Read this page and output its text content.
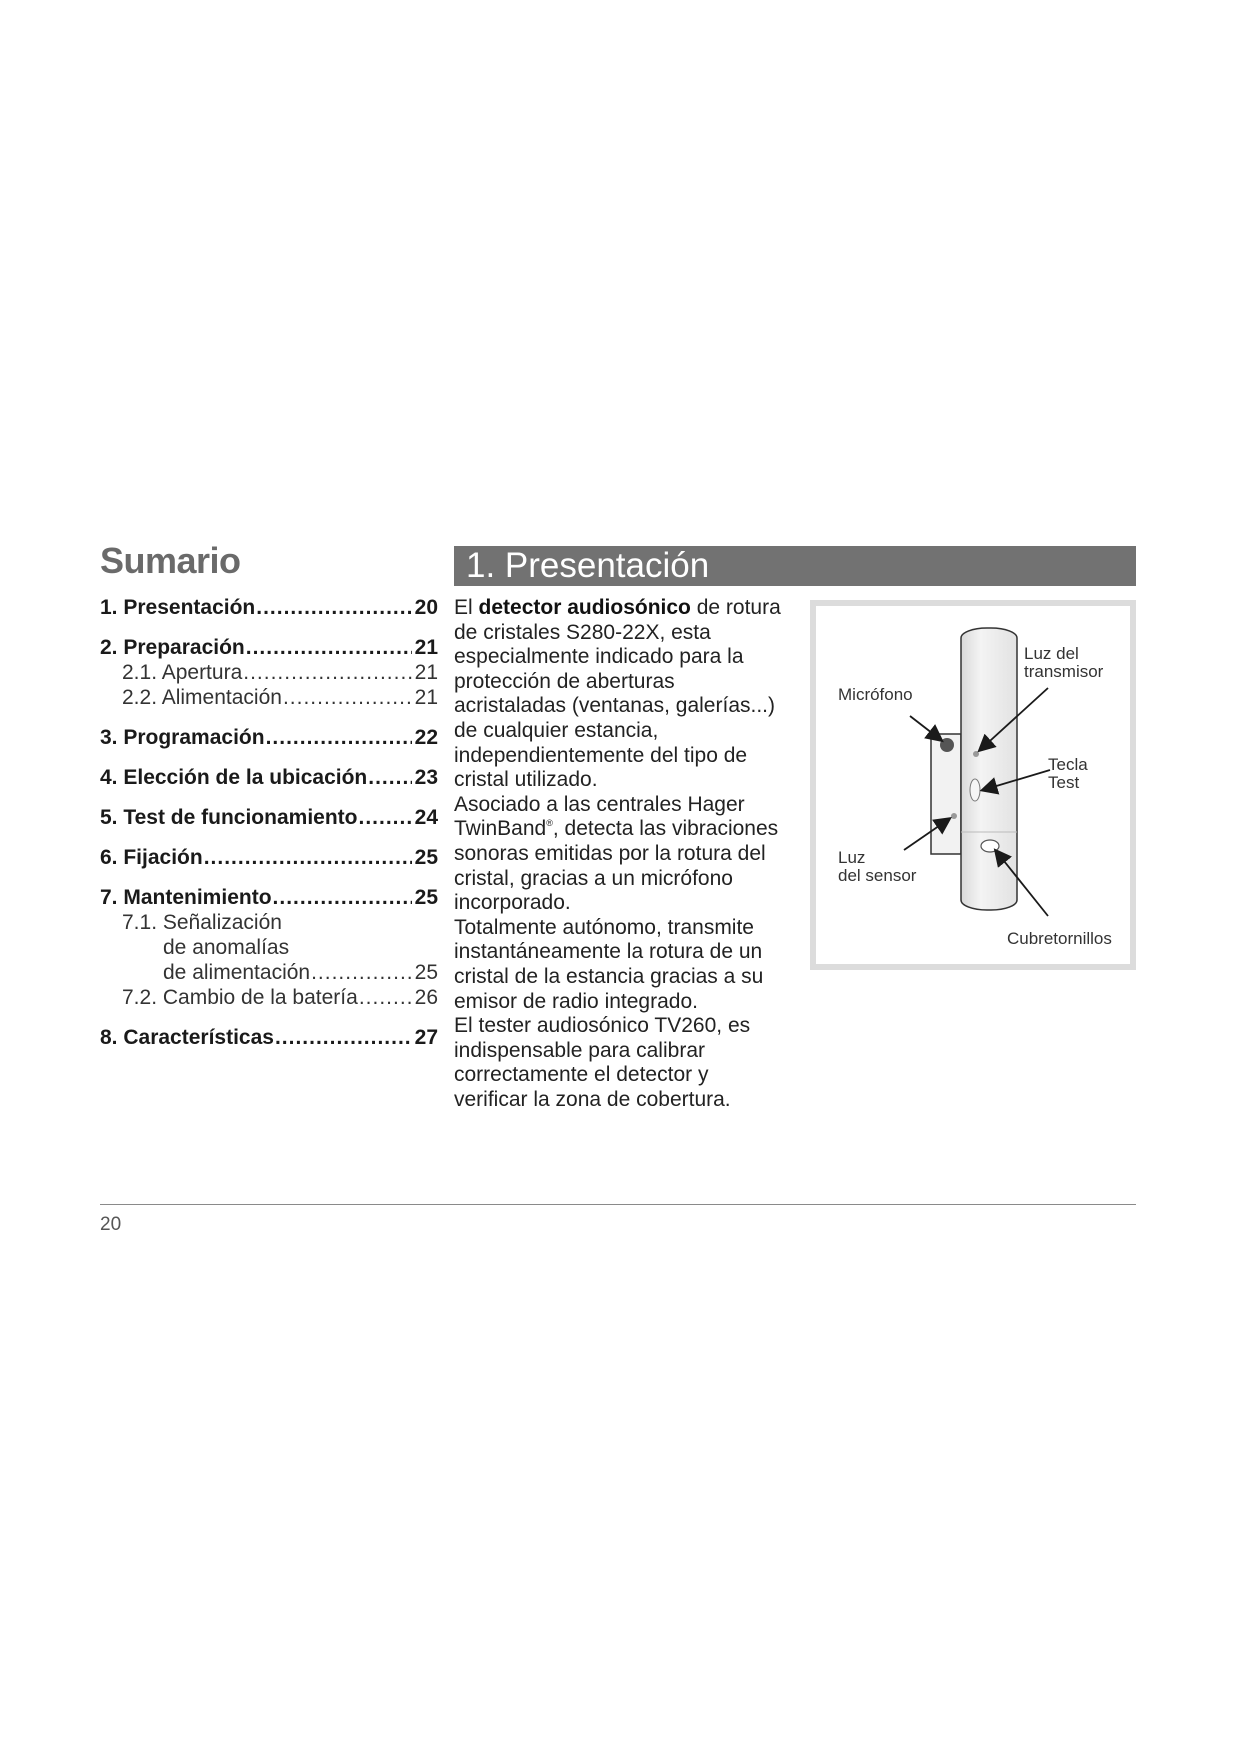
Sumario
1. Presentación .....	20
2. Preparación .....	21
2.1. Apertura .....	21
2.2. Alimentación .....	21
3. Programación .....	22
4. Elección de la ubicación ..... 23
5. Test de funcionamiento .....	24
6. Fijación .....	25
7. Mantenimiento .....	25
7.1. Señalización
de anomalías
de alimentación .....	25
7.2. Cambio de la batería .....	26
8. Características .....	27
1. Presentación

El detector audiosónico de rotura de cristales S280-22X, esta especialmente indicado para la protección de aberturas acristaladas (ventanas, galerías...) de cualquier estancia, independientemente del tipo de cristal utilizado.

Asociado a las centrales Hager TwinBand®, detecta las vibraciones sonoras emitidas por la rotura del cristal, gracias a un micrófono incorporado.

Totalmente autónomo, transmite instantáneamente la rotura de un cristal de la estancia gracias a su emisor de radio integrado.

El tester audiosónico TV260, es indispensable para calibrar correctamente el detector y verificar la zona de cobertura.

Micrófono
Luz del
transmisor
Tecla
Test
Luz
del sensor
Cubretornillos
20
